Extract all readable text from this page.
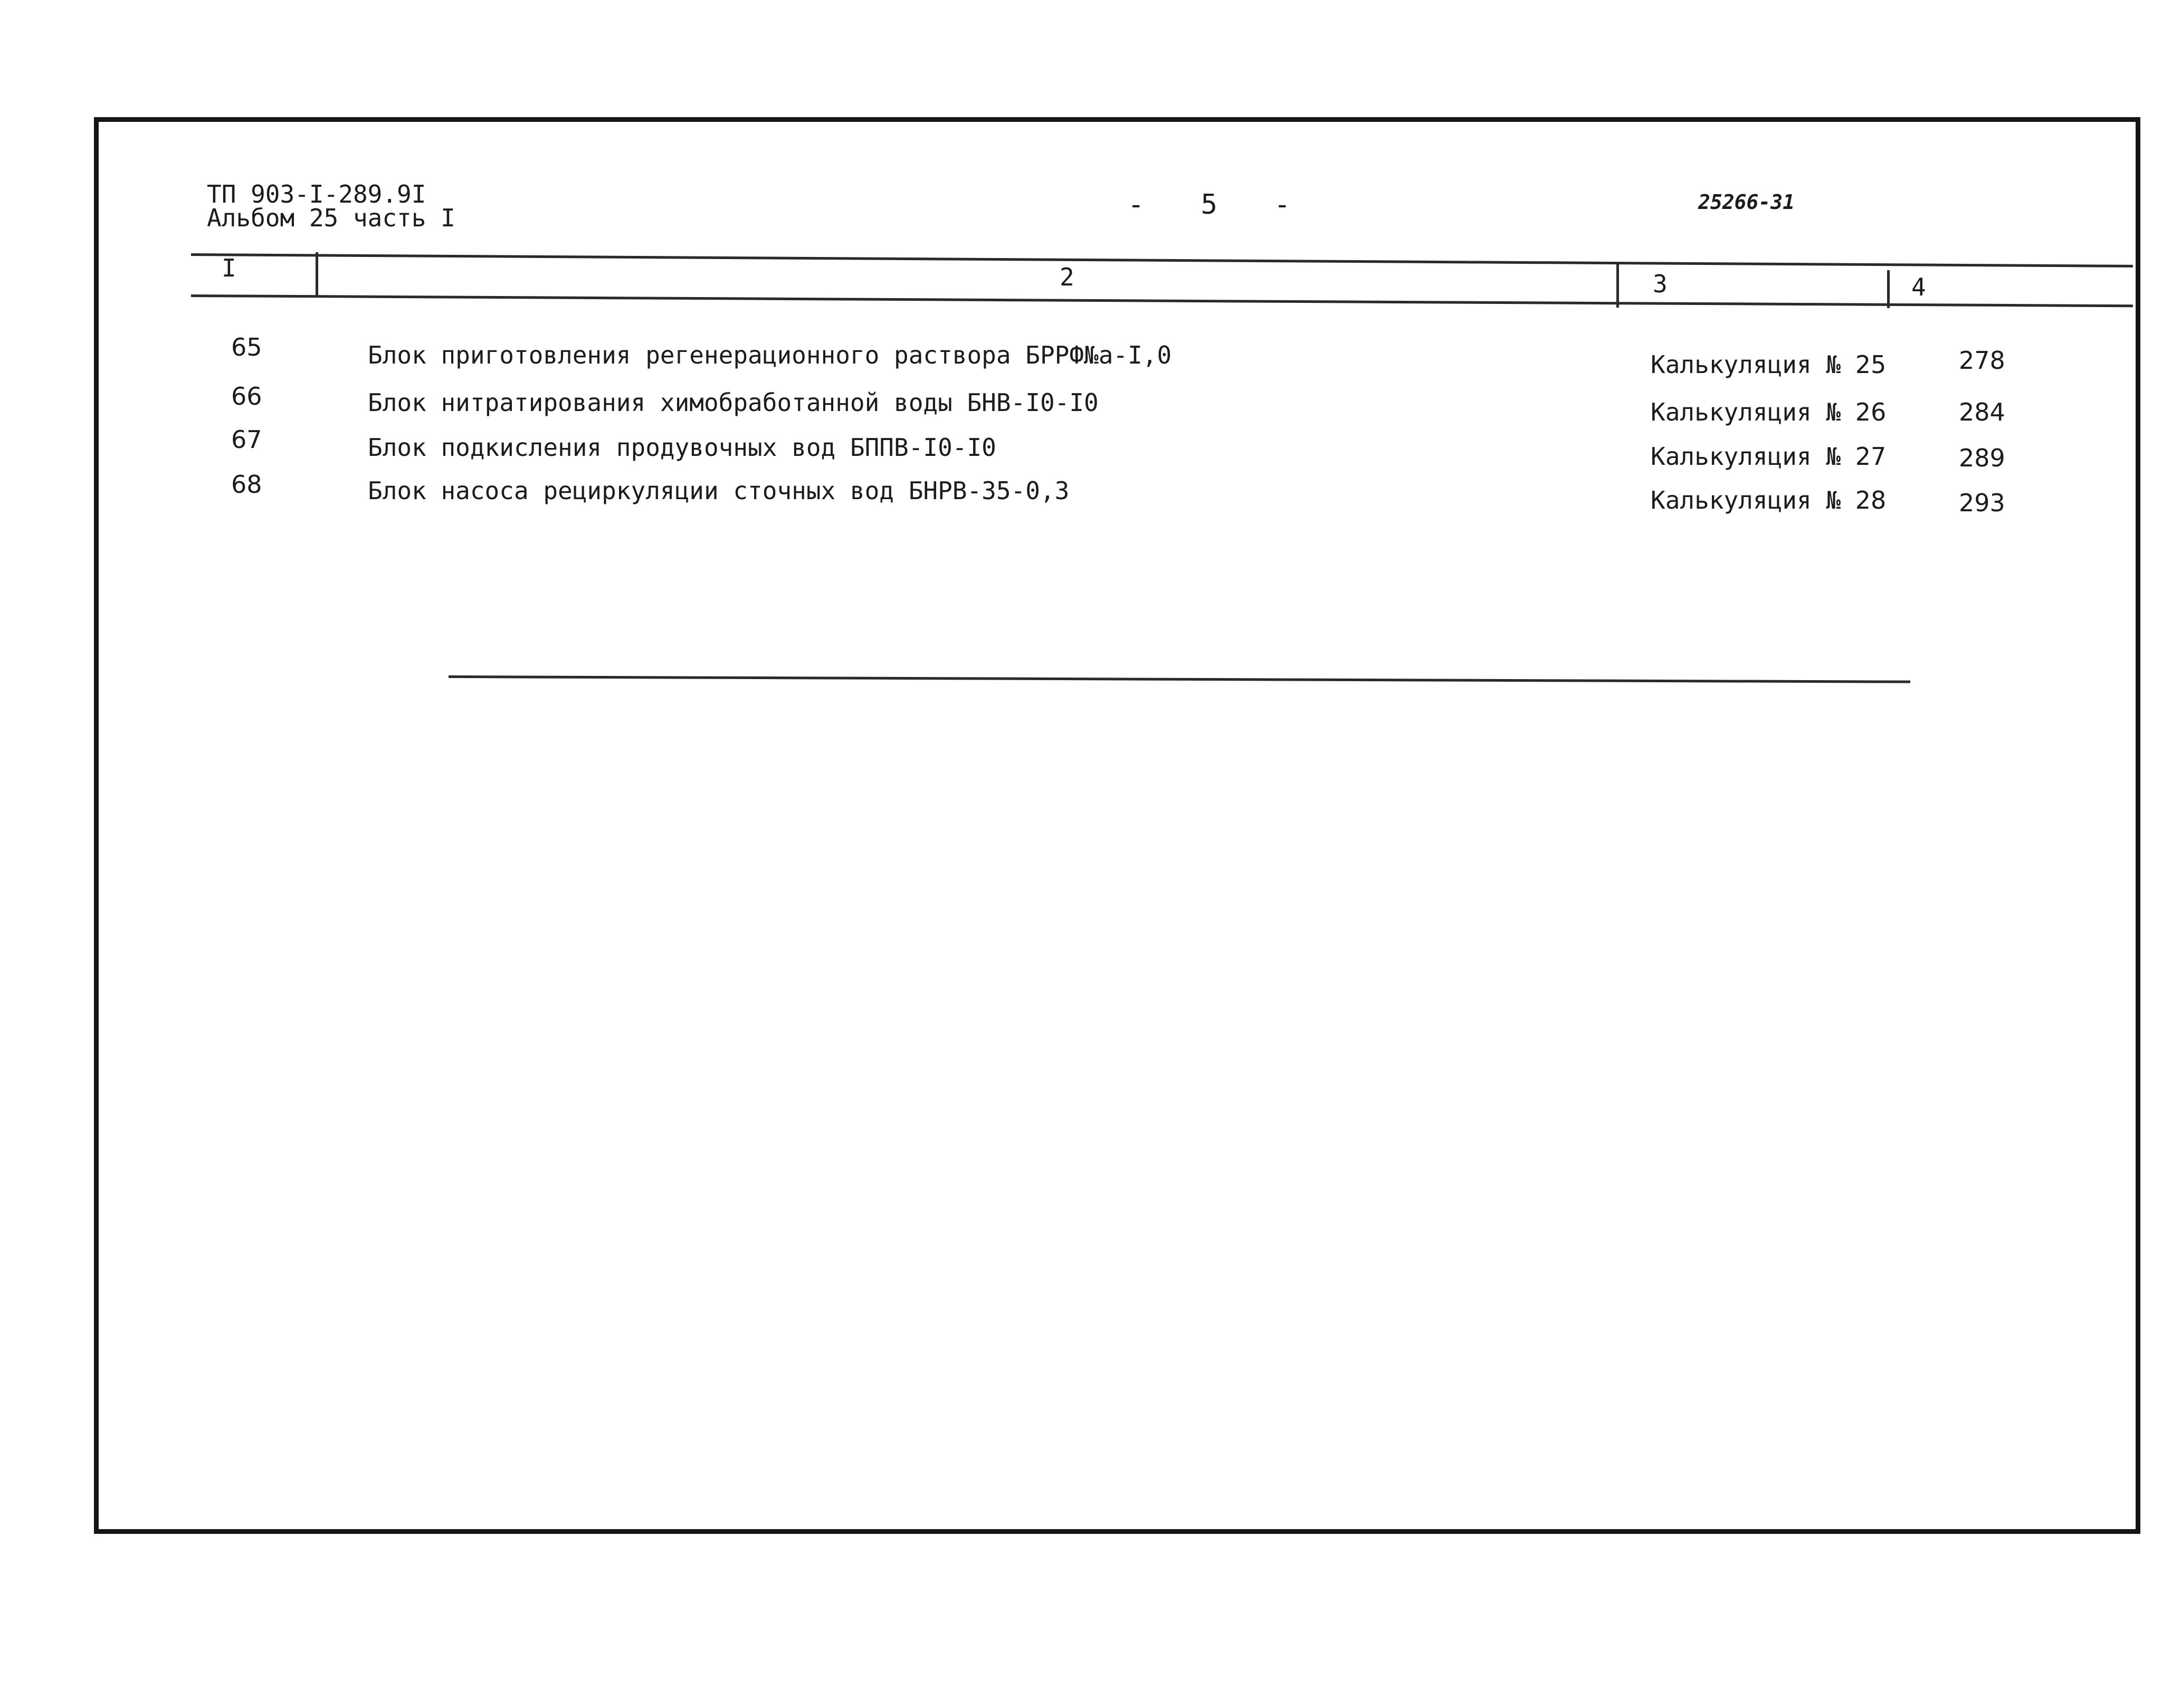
ТП 903-I-289.9I
Альбом 25 часть I	- 5 -	25266-31
I	2	3	4
65	Блок приготовления регенерационного раствора БРРФ№а-I,0	Калькуляция № 25	278
66	Блок нитратирования химобработанной воды БНВ-I0-I0	Калькуляция № 26	284
67	Блок подкисления продувочных вод БППВ-I0-I0	Калькуляция № 27	289
68	Блок насоса рециркуляции сточных вод БНРВ-35-0,3	Калькуляция № 28	293
